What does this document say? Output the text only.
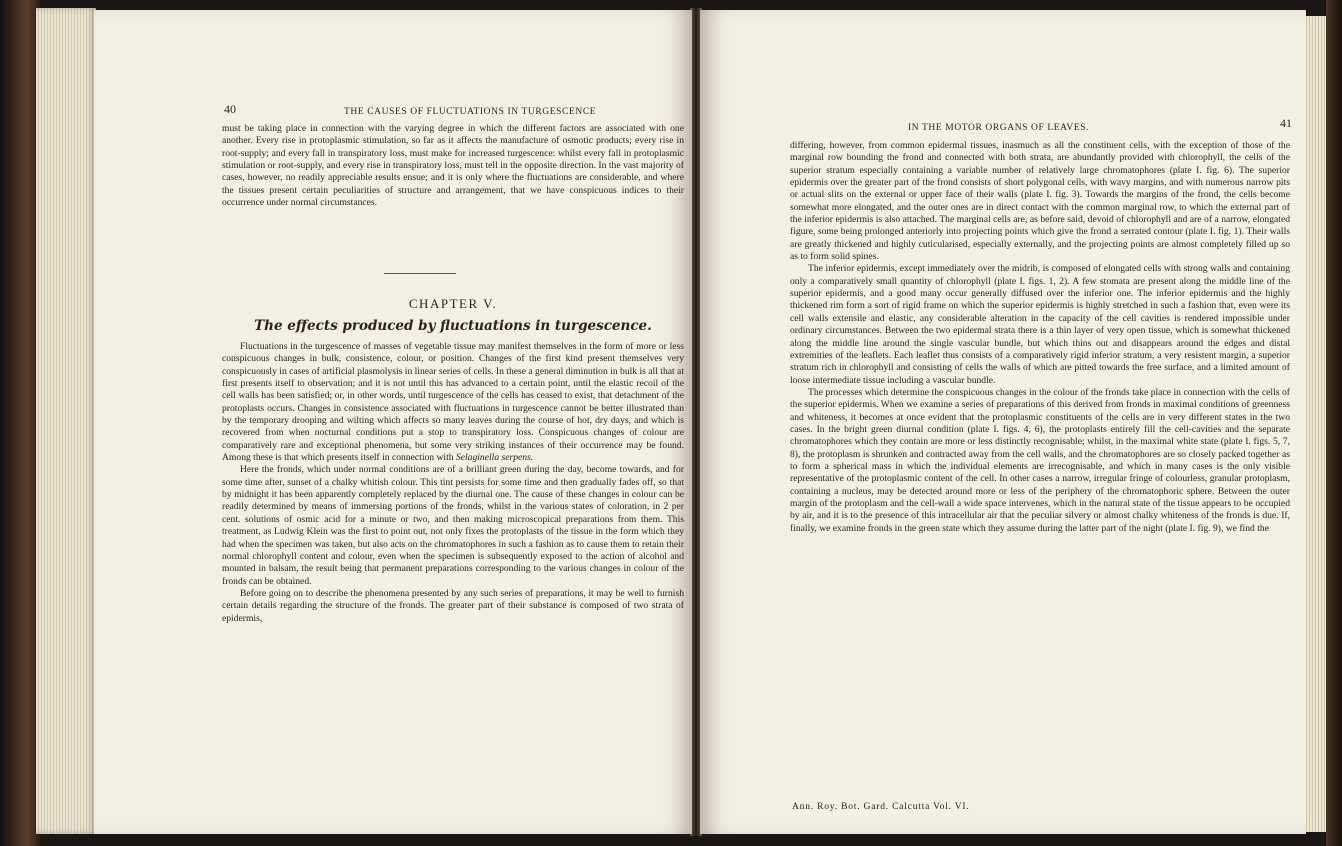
40	THE CAUSES OF FLUCTUATIONS IN TURGESCENCE

must be taking place in connection with the varying degree in which the different factors are associated with one another. Every rise in protoplasmic stimulation, so far as it affects the manufacture of osmotic products; every rise in root-supply; and every fall in transpiratory loss, must make for increased turgescence: whilst every fall in protoplasmic stimulation or root-supply, and every rise in transpiratory loss, must tell in the opposite direction. In the vast majority of cases, however, no readily appreciable results ensue; and it is only where the fluctuations are considerable, and where the tissues present certain peculiarities of structure and arrangement, that we have conspicuous indices to their occurrence under normal circumstances.

CHAPTER V.
The effects produced by fluctuations in turgescence.

Fluctuations in the turgescence of masses of vegetable tissue may manifest themselves in the form of more or less conspicuous changes in bulk, consistence, colour, or position. Changes of the first kind present themselves very conspicuously in cases of artificial plasmolysis in linear series of cells. In these a general diminution in bulk is all that at first presents itself to observation; and it is not until this has advanced to a certain point, until the elastic recoil of the cell walls has been satisfied; or, in other words, until turgescence of the cells has ceased to exist, that detachment of the protoplasts occurs. Changes in consistence associated with fluctuations in turgescence cannot be better illustrated than by the temporary drooping and wilting which affects so many leaves during the course of hot, dry days, and which is recovered from when nocturnal conditions put a stop to transpiratory loss. Conspicuous changes of colour are comparatively rare and exceptional phenomena, but some very striking instances of their occurrence may be found. Among these is that which presents itself in connection with Selaginella serpens.

Here the fronds, which under normal conditions are of a brilliant green during the day, become towards, and for some time after, sunset of a chalky whitish colour. This tint persists for some time and then gradually fades off, so that by midnight it has been apparently completely replaced by the diurnal one. The cause of these changes in colour can be readily determined by means of immersing portions of the fronds, whilst in the various states of coloration, in 2 per cent. solutions of osmic acid for a minute or two, and then making microscopical preparations from them. This treatment, as Ludwig Klein was the first to point out, not only fixes the protoplasts of the tissue in the form which they had when the specimen was taken, but also acts on the chromatophores in such a fashion as to cause them to retain their normal chlorophyll content and colour, even when the specimen is subsequently exposed to the action of alcohol and mounted in balsam, the result being that permanent preparations corresponding to the various changes in colour of the fronds can be obtained.

Before going on to describe the phenomena presented by any such series of preparations, it may be well to furnish certain details regarding the structure of the fronds. The greater part of their substance is composed of two strata of epidermis,

IN THE MOTOR ORGANS OF LEAVES.	41

differing, however, from common epidermal tissues, inasmuch as all the constituent cells, with the exception of those of the marginal row bounding the frond and connected with both strata, are abundantly provided with chlorophyll, the cells of the superior stratum especially containing a variable number of relatively large chromatophores (plate I. fig. 6). The superior epidermis over the greater part of the frond consists of short polygonal cells, with wavy margins, and with numerous narrow pits or actual slits on the external or upper face of their walls (plate I. fig. 3). Towards the margins of the frond, the cells become somewhat more elongated, and the outer ones are in direct contact with the common marginal row, to which the external part of the inferior epidermis is also attached. The marginal cells are, as before said, devoid of chlorophyll and are of a narrow, elongated figure, some being prolonged anteriorly into projecting points which give the frond a serrated contour (plate I. fig. 1). Their walls are greatly thickened and highly cuticularised, especially externally, and the projecting points are almost completely filled up so as to form solid spines.

The inferior epidermis, except immediately over the midrib, is composed of elongated cells with strong walls and containing only a comparatively small quantity of chlorophyll (plate I. figs. 1, 2). A few stomata are present along the middle line of the superior epidermis, and a good many occur generally diffused over the inferior one. The inferior epidermis and the highly thickened rim form a sort of rigid frame on which the superior epidermis is highly stretched in such a fashion that, even were its cell walls extensile and elastic, any considerable alteration in the capacity of the cell cavities is rendered impossible under ordinary circumstances. Between the two epidermal strata there is a thin layer of very open tissue, which is somewhat thickened along the middle line around the single vascular bundle, but which thins out and disappears around the edges and distal extremities of the leaflets. Each leaflet thus consists of a comparatively rigid inferior stratum, a very resistent margin, a superior stratum rich in chlorophyll and consisting of cells the walls of which are pitted towards the free surface, and a limited amount of loose intermediate tissue including a vascular bundle.

The processes which determine the conspicuous changes in the colour of the fronds take place in connection with the cells of the superior epidermis. When we examine a series of preparations of this derived from fronds in maximal conditions of greenness and whiteness, it becomes at once evident that the protoplasmic constituents of the cells are in very different states in the two cases. In the bright green diurnal condition (plate I. figs. 4, 6), the protoplasts entirely fill the cell-cavities and the separate chromatophores which they contain are more or less distinctly recognisable; whilst, in the maximal white state (plate I. figs. 5, 7, 8), the protoplasm is shrunken and contracted away from the cell walls, and the chromatophores are so closely packed together as to form a spherical mass in which the individual elements are irrecognisable, and which in many cases is the only visible representative of the protoplasmic content of the cell. In other cases a narrow, irregular fringe of colourless, granular protoplasm, containing a nucleus, may be detected around more or less of the periphery of the chromatophoric sphere. Between the outer margin of the protoplasm and the cell-wall a wide space intervenes, which in the natural state of the tissue appears to be occupied by air, and it is to the presence of this intracellular air that the peculiar silvery or almost chalky whiteness of the fronds is due. If, finally, we examine fronds in the green state which they assume during the latter part of the night (plate I. fig. 9), we find the

Ann. Roy. Bot. Gard. Calcutta Vol. VI.
